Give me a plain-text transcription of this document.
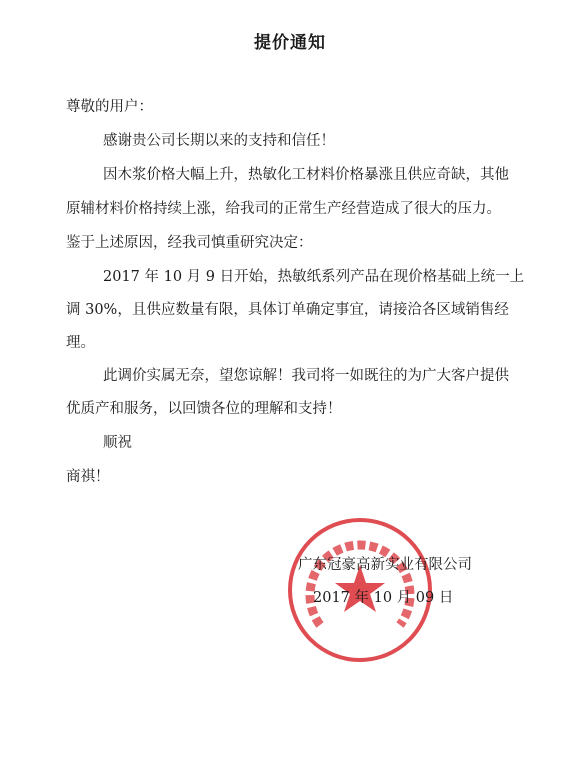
提价通知
尊敬的用户：
感谢贵公司长期以来的支持和信任！
因木浆价格大幅上升，热敏化工材料价格暴涨且供应奇缺，其他
原辅材料价格持续上涨，给我司的正常生产经营造成了很大的压力。
鉴于上述原因，经我司慎重研究决定：
2017 年 10 月 9 日开始，热敏纸系列产品在现价格基础上统一上
调 30%，且供应数量有限，具体订单确定事宜，请接洽各区域销售经
理。
此调价实属无奈，望您谅解！我司将一如既往的为广大客户提供
优质产和服务，以回馈各位的理解和支持！
顺祝
商祺！
广东冠豪高新实业有限公司
2017 年 10 月 09 日
